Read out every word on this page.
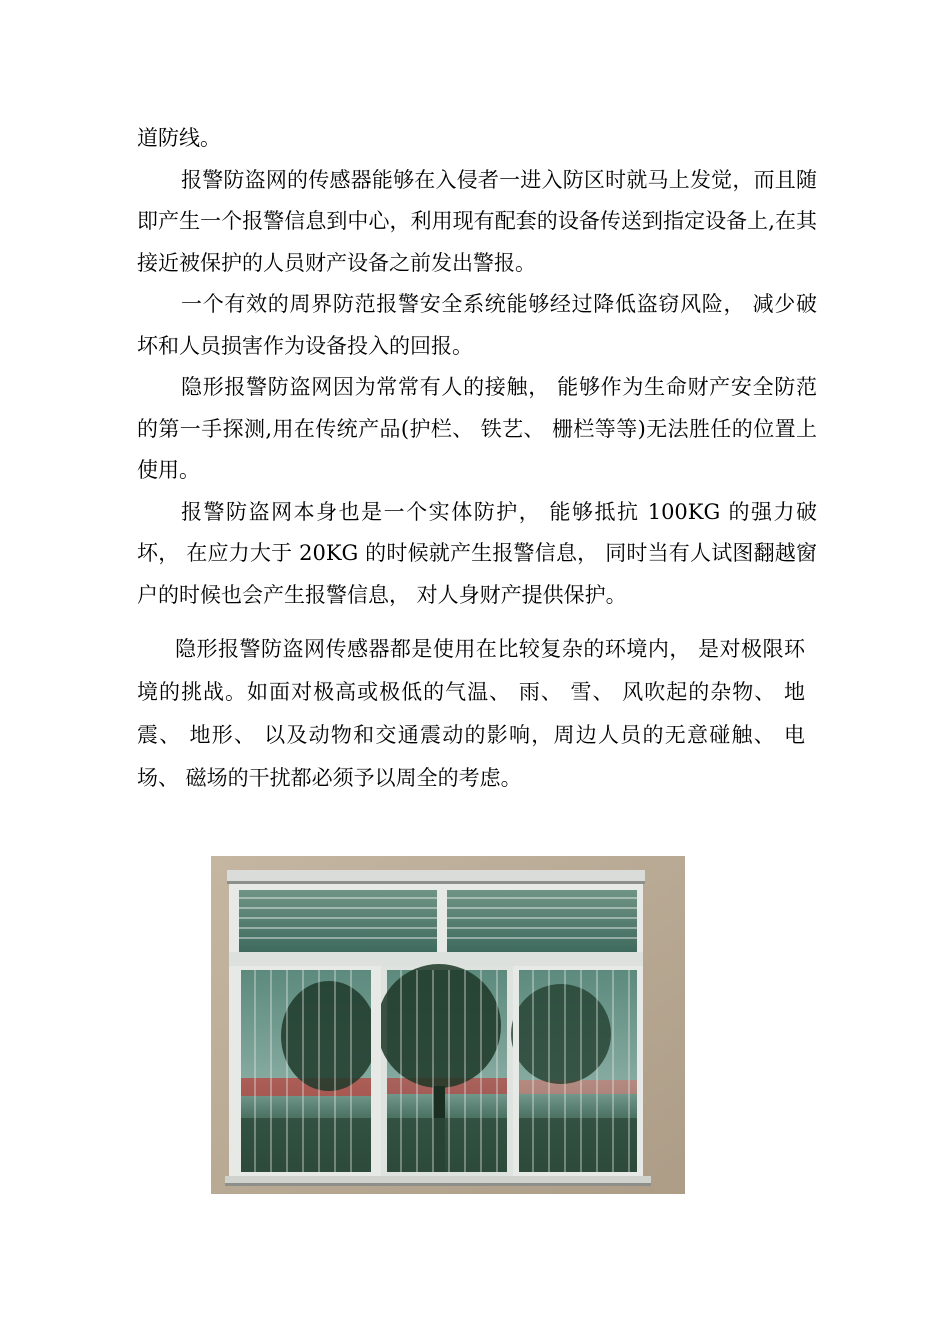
道防线。

报警防盗网的传感器能够在入侵者一进入防区时就马上发觉，而且随即产生一个报警信息到中心，利用现有配套的设备传送到指定设备上,在其接近被保护的人员财产设备之前发出警报。

一个有效的周界防范报警安全系统能够经过降低盗窃风险， 减少破坏和人员损害作为设备投入的回报。

隐形报警防盗网因为常常有人的接触， 能够作为生命财产安全防范的第一手探测,用在传统产品(护栏、 铁艺、 栅栏等等)无法胜任的位置上使用。

报警防盗网本身也是一个实体防护， 能够抵抗 100KG 的强力破坏， 在应力大于 20KG 的时候就产生报警信息， 同时当有人试图翻越窗户的时候也会产生报警信息， 对人身财产提供保护。

隐形报警防盗网传感器都是使用在比较复杂的环境内， 是对极限环境的挑战。如面对极高或极低的气温、 雨、 雪、 风吹起的杂物、 地震、 地形、 以及动物和交通震动的影响，周边人员的无意碰触、 电场、 磁场的干扰都必须予以周全的考虑。
